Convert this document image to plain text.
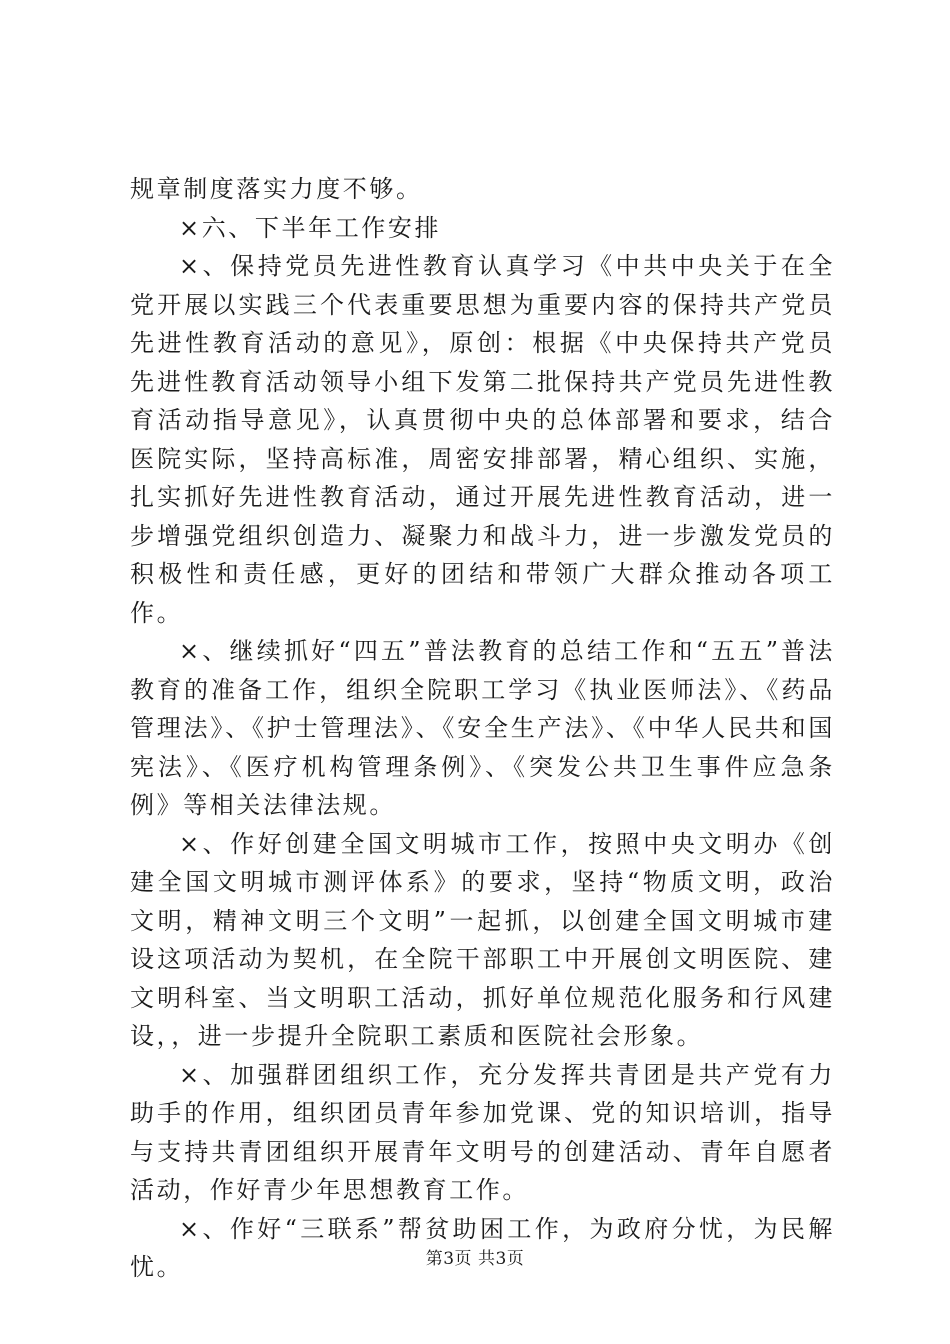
规章制度落实力度不够。

×六、下半年工作安排

×、保持党员先进性教育认真学习《中共中央关于在全党开展以实践三个代表重要思想为重要内容的保持共产党员先进性教育活动的意见》，原创：根据《中央保持共产党员先进性教育活动领导小组下发第二批保持共产党员先进性教育活动指导意见》，认真贯彻中央的总体部署和要求，结合医院实际，坚持高标准，周密安排部署，精心组织、实施，扎实抓好先进性教育活动，通过开展先进性教育活动，进一步增强党组织创造力、凝聚力和战斗力，进一步激发党员的积极性和责任感，更好的团结和带领广大群众推动各项工作。

×、继续抓好“四五”普法教育的总结工作和“五五”普法教育的准备工作，组织全院职工学习《执业医师法》、《药品管理法》、《护士管理法》、《安全生产法》、《中华人民共和国宪法》、《医疗机构管理条例》、《突发公共卫生事件应急条例》等相关法律法规。

×、作好创建全国文明城市工作，按照中央文明办《创建全国文明城市测评体系》的要求，坚持“物质文明，政治文明，精神文明三个文明”一起抓，以创建全国文明城市建设这项活动为契机，在全院干部职工中开展创文明医院、建文明科室、当文明职工活动，抓好单位规范化服务和行风建设，，进一步提升全院职工素质和医院社会形象。

×、加强群团组织工作，充分发挥共青团是共产党有力助手的作用，组织团员青年参加党课、党的知识培训，指导与支持共青团组织开展青年文明号的创建活动、青年自愿者活动，作好青少年思想教育工作。

×、作好“三联系”帮贫助困工作，为政府分忧，为民解忧。	第3页 共3页
